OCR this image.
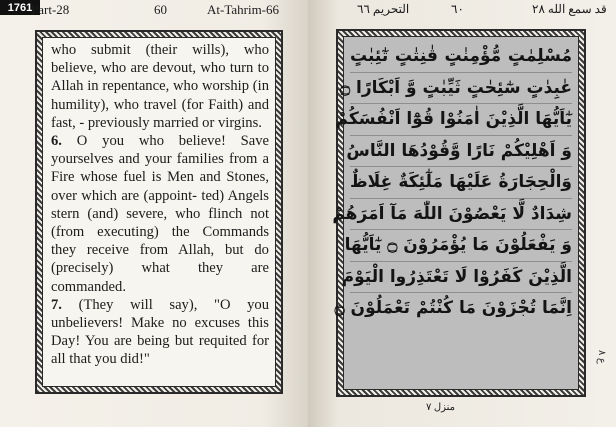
1761
Part-28	60	At-Tahrim-66	التحريم ٦٦	٦٠	قد سمع الله ٢٨

who submit (their wills), who believe, who are devout, who turn to Allah in repentance, who worship (in humility), who travel (for Faith) and fast, - previously married or virgins.

6. O you who believe! Save yourselves and your families from a Fire whose fuel is Men and Stones, over which are (appoint- ted) Angels stern (and) severe, who flinch not (from executing) the Commands they receive from Allah, but do (precisely) what they are commanded.

7. (They will say), "O you unbelievers! Make no excuses this Day! You are being but requited for all that you did!"

مُسْلِمٰتٍ مُّؤْمِنٰتٍ قٰنِتٰتٍ تٰٓئِبٰتٍ
عٰبِدٰتٍ سٰٓئِحٰتٍ ثَيِّبٰتٍ وَّ اَبْكَارًا ۝
يٰٓاَيُّهَا الَّذِيْنَ اٰمَنُوْا قُوْٓا اَنْفُسَكُمْ
وَ اَهْلِيْكُمْ نَارًا وَّقُوْدُهَا النَّاسُ
وَالْحِجَارَةُ عَلَيْهَا مَلٰٓئِكَةٌ غِلَاظٌ
شِدَادٌ لَّا يَعْصُوْنَ اللّٰهَ مَآ اَمَرَهُمْ
وَ يَفْعَلُوْنَ مَا يُؤْمَرُوْنَ ۝ يٰٓاَيُّهَا
الَّذِيْنَ كَفَرُوْا لَا تَعْتَذِرُوا الْيَوْمَ
اِنَّمَا تُجْزَوْنَ مَا كُنْتُمْ تَعْمَلُوْنَ ۝
منزل ٧
ع ٨
